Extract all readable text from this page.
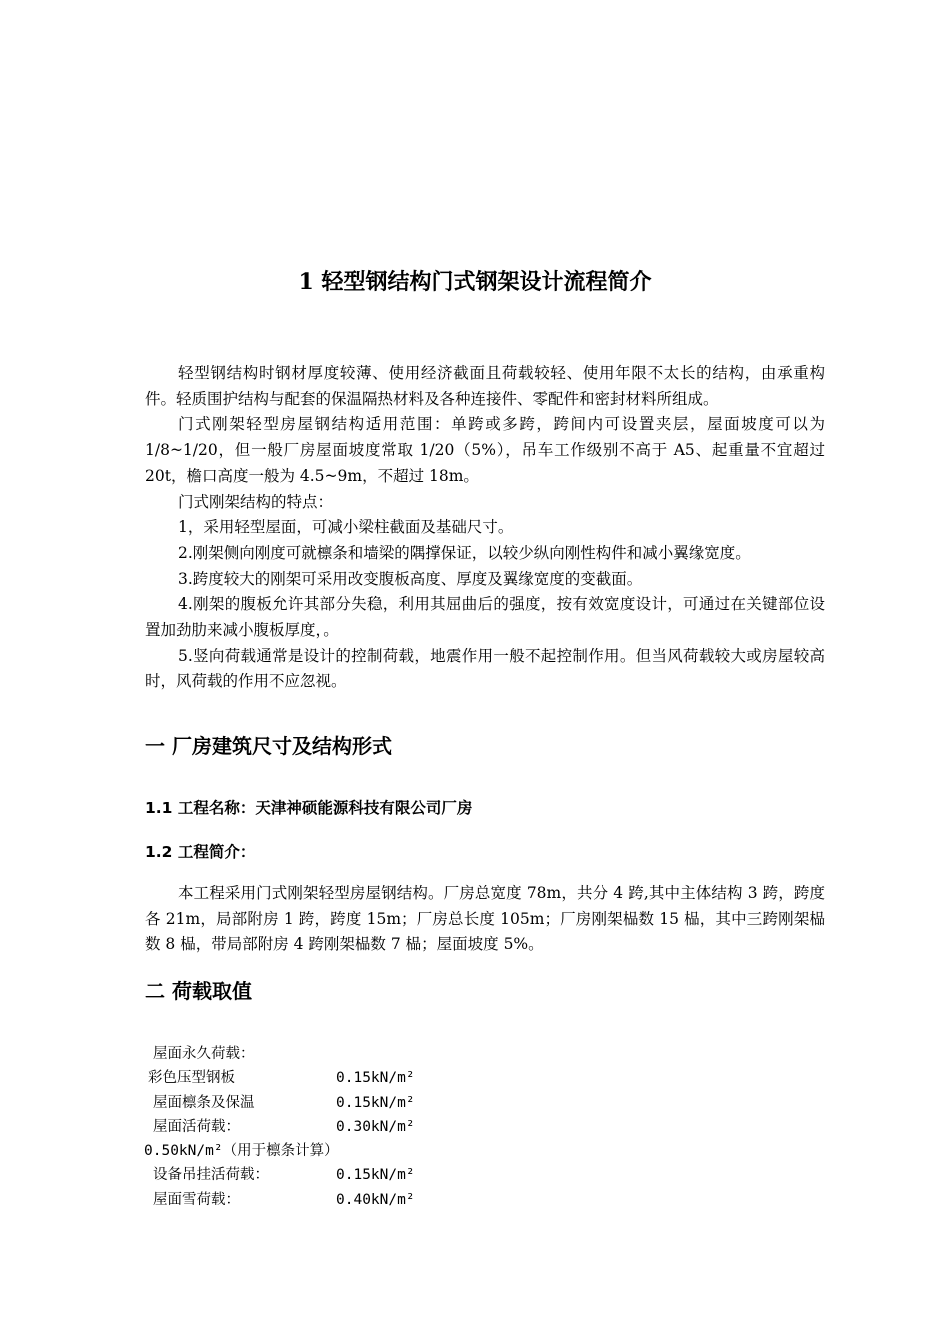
1 轻型钢结构门式钢架设计流程简介

轻型钢结构时钢材厚度较薄、使用经济截面且荷载较轻、使用年限不太长的结构，由承重构件。轻质围护结构与配套的保温隔热材料及各种连接件、零配件和密封材料所组成。

门式刚架轻型房屋钢结构适用范围：单跨或多跨，跨间内可设置夹层，屋面坡度可以为 1/8~1/20，但一般厂房屋面坡度常取 1/20（5%），吊车工作级别不高于 A5、起重量不宜超过 20t，檐口高度一般为 4.5~9m，不超过 18m。

门式刚架结构的特点：

1，采用轻型屋面，可减小梁柱截面及基础尺寸。

2.刚架侧向刚度可就檩条和墙梁的隅撑保证，以较少纵向刚性构件和减小翼缘宽度。

3.跨度较大的刚架可采用改变腹板高度、厚度及翼缘宽度的变截面。

4.刚架的腹板允许其部分失稳，利用其屈曲后的强度，按有效宽度设计，可通过在关键部位设置加劲肋来减小腹板厚度，。

5.竖向荷载通常是设计的控制荷载，地震作用一般不起控制作用。但当风荷载较大或房屋较高时，风荷载的作用不应忽视。

一 厂房建筑尺寸及结构形式
1.1 工程名称：天津神硕能源科技有限公司厂房
1.2 工程简介：

本工程采用门式刚架轻型房屋钢结构。厂房总宽度 78m，共分 4 跨,其中主体结构 3 跨，跨度各 21m，局部附房 1 跨，跨度 15m；厂房总长度 105m；厂房刚架榀数 15 榀，其中三跨刚架榀数 8 榀，带局部附房 4 跨刚架榀数 7 榀；屋面坡度 5%。

二 荷载取值
屋面永久荷载：
彩色压型钢板	0.15kN/m²
屋面檩条及保温	0.15kN/m²
屋面活荷载：	0.30kN/m²
0.50kN/m²（用于檩条计算）
设备吊挂活荷载：	0.15kN/m²
屋面雪荷载：	0.40kN/m²
